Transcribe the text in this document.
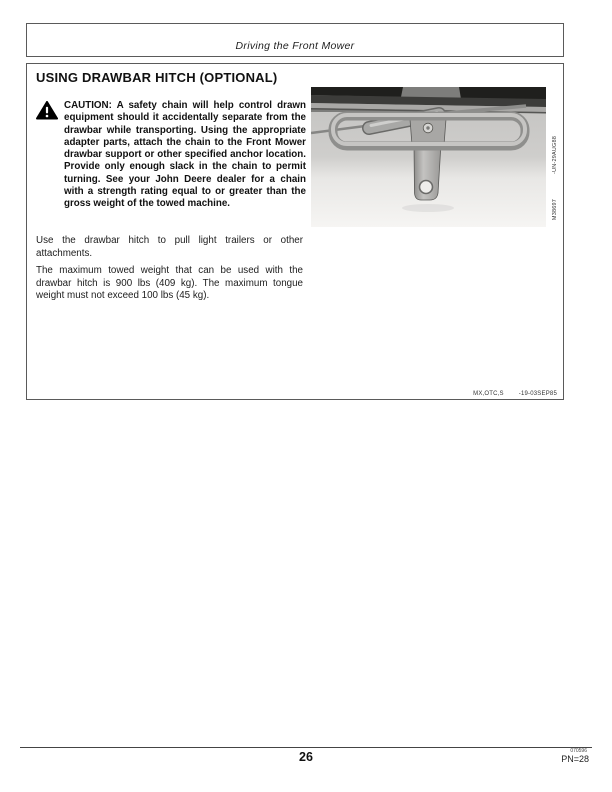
Driving the Front Mower
USING DRAWBAR HITCH (OPTIONAL)

CAUTION: A safety chain will help control drawn equipment should it accidentally separate from the drawbar while transporting. Using the appropriate adapter parts, attach the chain to the Front Mower drawbar support or other specified anchor location. Provide only enough slack in the chain to permit turning. See your John Deere dealer for a chain with a strength rating equal to or greater than the gross weight of the towed machine.

Use the drawbar hitch to pull light trailers or other attachments.

The maximum towed weight that can be used with the drawbar hitch is 900 lbs (409 kg). The maximum tongue weight must not exceed 100 lbs (45 kg).

-UN-29AUG88
M38697
MX,OTC,S	-19-03SEP85
26	070596
PN=28
